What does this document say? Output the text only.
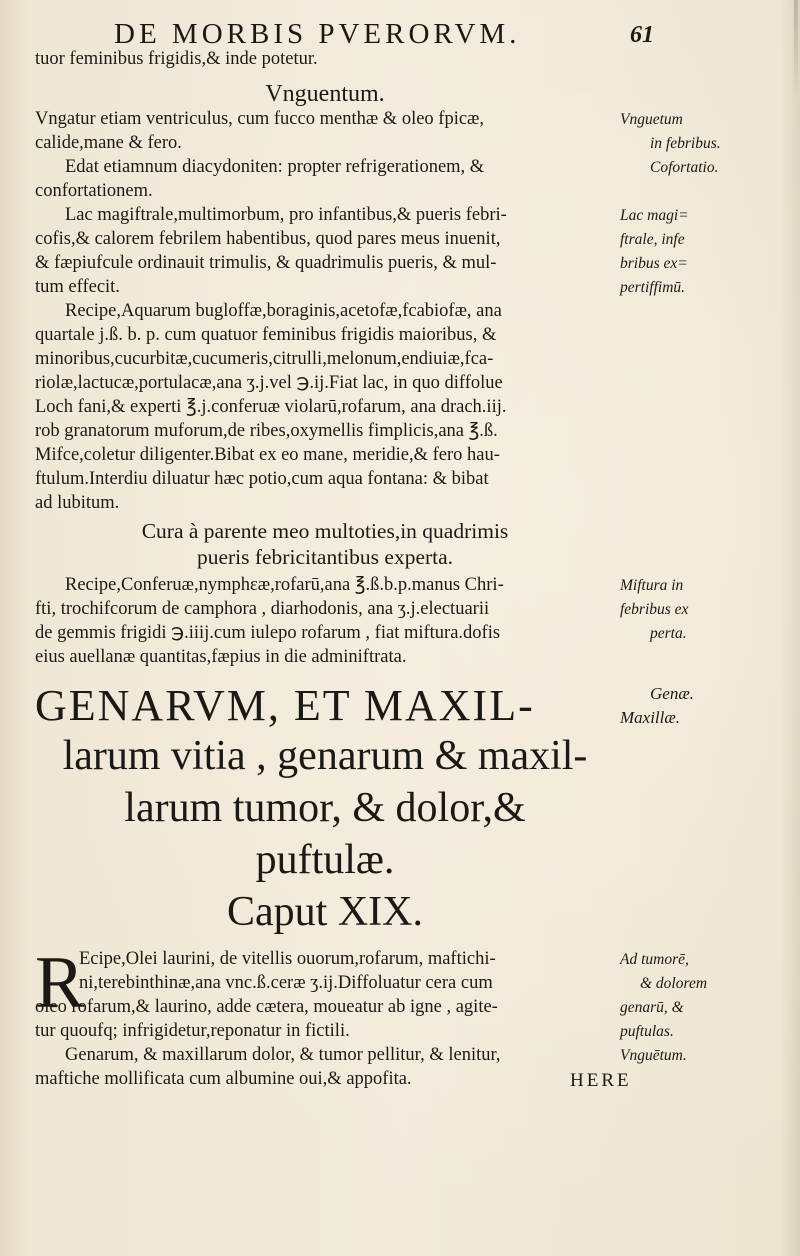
DE MORBIS PVERORVM.	61
tuor feminibus frigidis,& inde potetur.
Vnguentum.
Vngatur etiam ventriculus, cum fucco menthæ & oleo fpicæ,
calide,mane & fero.
Edat etiamnum diacydoniten: propter refrigerationem, &
confortationem.
Lac magiftrale,multimorbum, pro infantibus,& pueris febri-
cofis,& calorem febrilem habentibus, quod pares meus inuenit,
& fæpiufcule ordinauit trimulis, & quadrimulis pueris, & mul-
tum effecit.
Recipe,Aquarum bugloffæ,boraginis,acetofæ,fcabiofæ, ana
quartale j.ß. b. p. cum quatuor feminibus frigidis maioribus, &
minoribus,cucurbitæ,cucumeris,citrulli,melonum,endiuiæ,fca-
riolæ,lactucæ,portulacæ,ana ʒ.j.vel ℈.ij.Fiat lac, in quo diffolue
Loch fani,& experti ℥.j.conferuæ violarū,rofarum, ana drach.iij.
rob granatorum muforum,de ribes,oxymellis fimplicis,ana ℥.ß.
Mifce,coletur diligenter.Bibat ex eo mane, meridie,& fero hau-
ftulum.Interdiu diluatur hæc potio,cum aqua fontana: & bibat
ad lubitum.
Cura à parente meo multoties,in quadrimis
pueris febricitantibus experta.
Recipe,Conferuæ,nymphεæ,rofarū,ana ℥.ß.b.p.manus Chri-
fti, trochifcorum de camphora , diarhodonis, ana ʒ.j.electuarii
de gemmis frigidi ℈.iiij.cum iulepo rofarum , fiat miftura.dofis
eius auellanæ quantitas,fæpius in die adminiftrata.
GENARVM, ET MAXIL-
larum vitia , genarum & maxil-
larum tumor, & dolor,&
puftulæ.
Caput XIX.
R
Ecipe,Olei laurini, de vitellis ouorum,rofarum, maftichi-
ni,terebinthinæ,ana vnc.ß.ceræ ʒ.ij.Diffoluatur cera cum
oleo rofarum,& laurino, adde cætera, moueatur ab igne , agite-
tur quoufq; infrigidetur,reponatur in fictili.
Genarum, & maxillarum dolor, & tumor pellitur, & lenitur,
maftiche mollificata cum albumine oui,& appofita.
Vnguetum
in febribus.
Cofortatio.
Lac magi=
ftrale, infe
bribus ex=
pertiffimū.
Miftura in
febribus ex
perta.
Genæ.
Maxillæ.
Ad tumorē,
& dolorem
genarū, &
puftulas.
Vnguētum.
HERE
